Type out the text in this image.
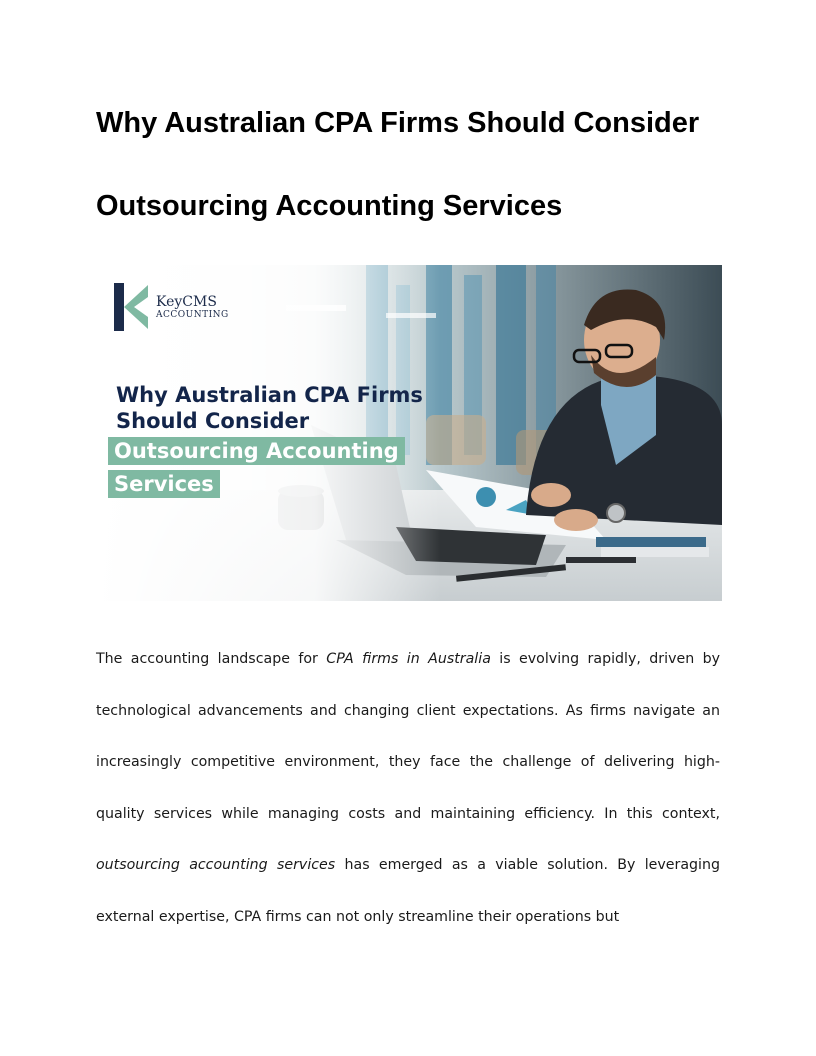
Why Australian CPA Firms Should Consider
Outsourcing Accounting Services
KeyCMS
ACCOUNTING
Why Australian CPA Firms
Should Consider
Outsourcing Accounting
Services

The accounting landscape for CPA firms in Australia is evolving rapidly, driven by technological advancements and changing client expectations. As firms navigate an increasingly competitive environment, they face the challenge of delivering high-quality services while managing costs and maintaining efficiency. In this context, outsourcing accounting services has emerged as a viable solution. By leveraging external expertise, CPA firms can not only streamline their operations but
